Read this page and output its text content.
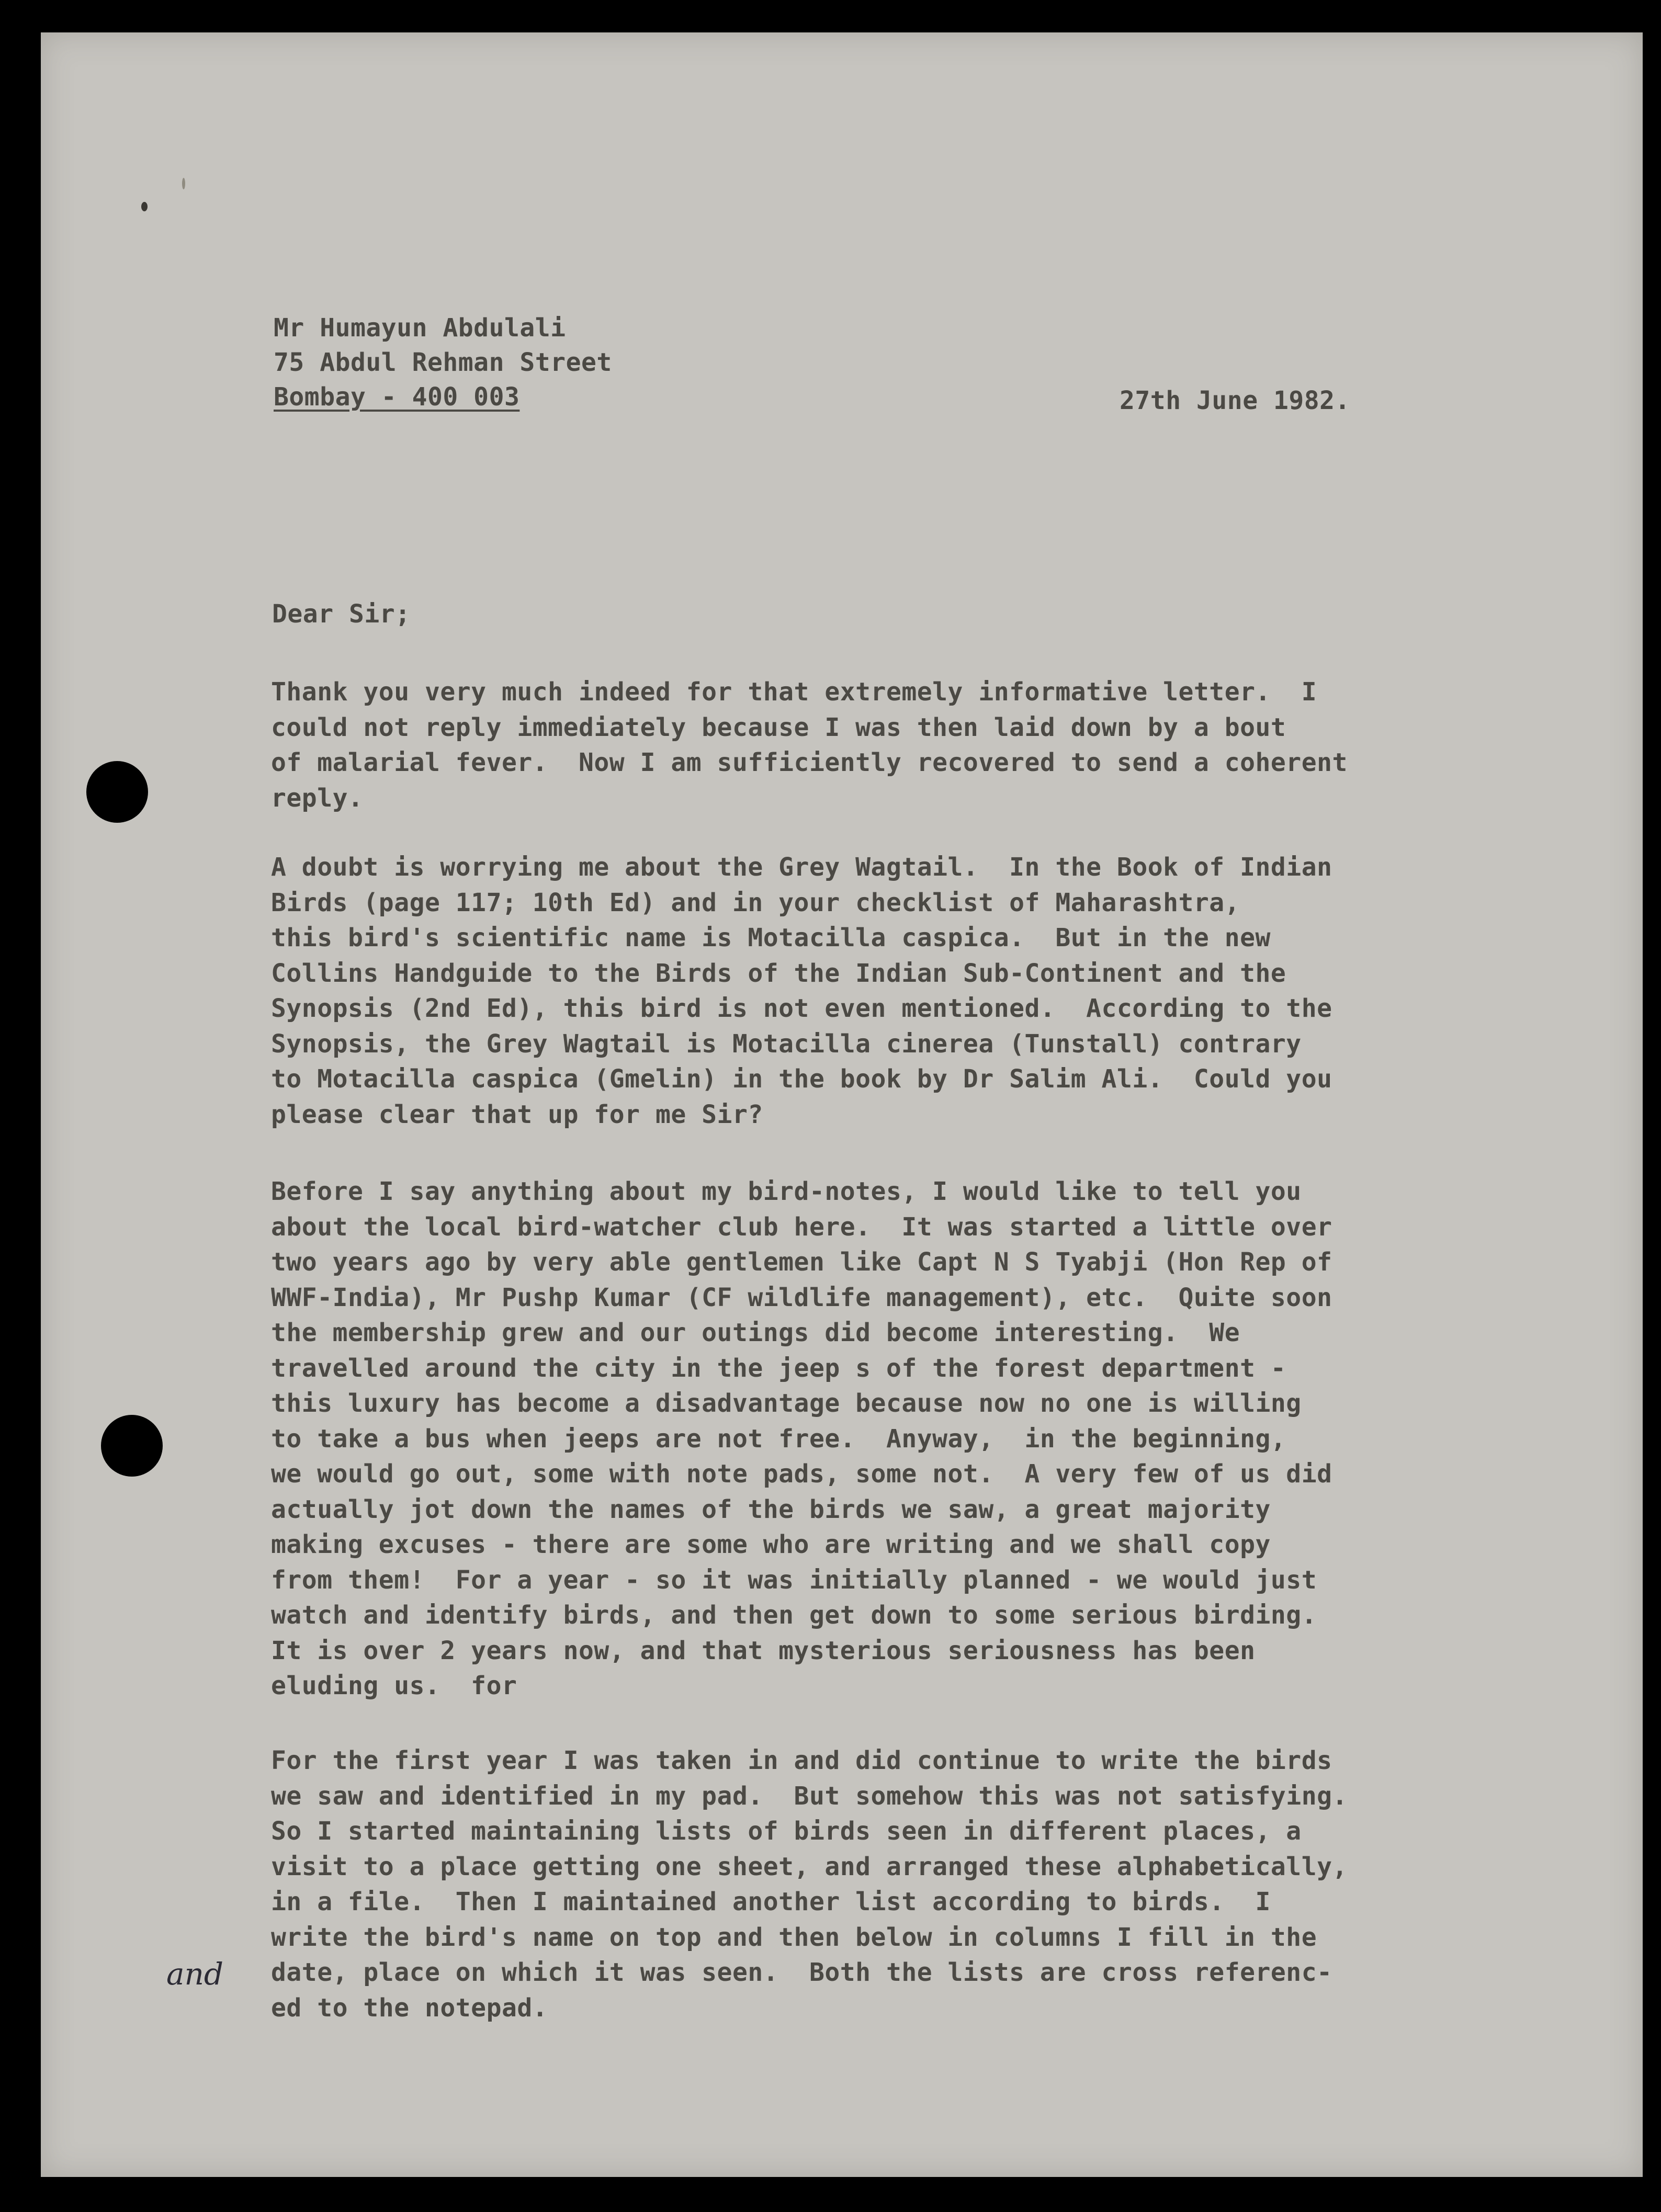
Mr Humayun Abdulali
75 Abdul Rehman Street
Bombay - 400 003	27th June 1982.
Dear Sir;

Thank you very much indeed for that extremely informative letter.  I

could not reply immediately because I was then laid down by a bout

of malarial fever.  Now I am sufficiently recovered to send a coherent

reply.

A doubt is worrying me about the Grey Wagtail.  In the Book of Indian

Birds (page 117; 10th Ed) and in your checklist of Maharashtra,

this bird's scientific name is Motacilla caspica.  But in the new

Collins Handguide to the Birds of the Indian Sub-Continent and the

Synopsis (2nd Ed), this bird is not even mentioned.  According to the

Synopsis, the Grey Wagtail is Motacilla cinerea (Tunstall) contrary

to Motacilla caspica (Gmelin) in the book by Dr Salim Ali.  Could you

please clear that up for me Sir?

Before I say anything about my bird-notes, I would like to tell you

about the local bird-watcher club here.  It was started a little over

two years ago by very able gentlemen like Capt N S Tyabji (Hon Rep of

WWF-India), Mr Pushp Kumar (CF wildlife management), etc.  Quite soon

the membership grew and our outings did become interesting.  We

travelled around the city in the jeep s of the forest department -

this luxury has become a disadvantage because now no one is willing

to take a bus when jeeps are not free.  Anyway,  in the beginning,

we would go out, some with note pads, some not.  A very few of us did

actually jot down the names of the birds we saw, a great majority

making excuses - there are some who are writing and we shall copy

from them!  For a year - so it was initially planned - we would just

watch and identify birds, and then get down to some serious birding.

It is over 2 years now, and that mysterious seriousness has been

eluding us.  for

For the first year I was taken in and did continue to write the birds

we saw and identified in my pad.  But somehow this was not satisfying.

So I started maintaining lists of birds seen in different places, a

visit to a place getting one sheet, and arranged these alphabetically,

in a file.  Then I maintained another list according to birds.  I

write the bird's name on top and then below in columns I fill in the

date, place on which it was seen.  Both the lists are cross referenc-

ed to the notepad.

and
